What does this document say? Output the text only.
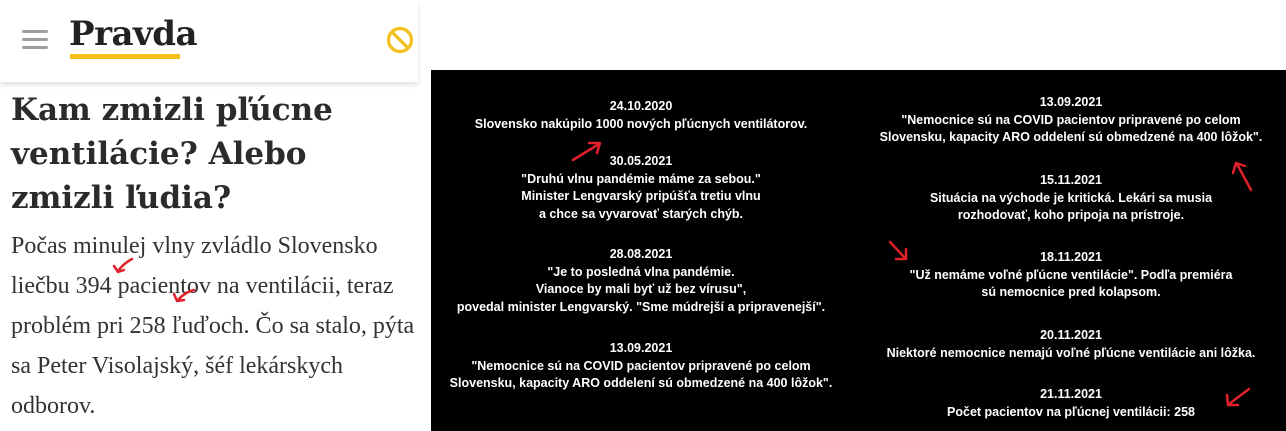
Pravda
Kam zmizli pľúcne ventilácie? Alebo zmizli ľudia?
Počas minulej vlny zvládlo Slovensko liečbu 394 pacientov na ventilácii, teraz problém pri 258 ľuďoch. Čo sa stalo, pýta sa Peter Visolajský, šéf lekárskych odborov.
24.10.2020
Slovensko nakúpilo 1000 nových pľúcnych ventilátorov.
30.05.2021
"Druhú vlnu pandémie máme za sebou."
Minister Lengvarský pripúšťa tretiu vlnu
a chce sa vyvarovať starých chýb.
28.08.2021
"Je to posledná vlna pandémie.
Vianoce by mali byť už bez vírusu",
povedal minister Lengvarský. "Sme múdrejší a pripravenejší".
13.09.2021
"Nemocnice sú na COVID pacientov pripravené po celom
Slovensku, kapacity ARO oddelení sú obmedzené na 400 lôžok".
13.09.2021
"Nemocnice sú na COVID pacientov pripravené po celom
Slovensku, kapacity ARO oddelení sú obmedzené na 400 lôžok".
15.11.2021
Situácia na východe je kritická. Lekári sa musia
rozhodovať, koho pripoja na prístroje.
18.11.2021
"Už nemáme voľné pľúcne ventilácie". Podľa premiéra
sú nemocnice pred kolapsom.
20.11.2021
Niektoré nemocnice nemajú voľné pľúcne ventilácie ani lôžka.
21.11.2021
Počet pacientov na pľúcnej ventilácii: 258
